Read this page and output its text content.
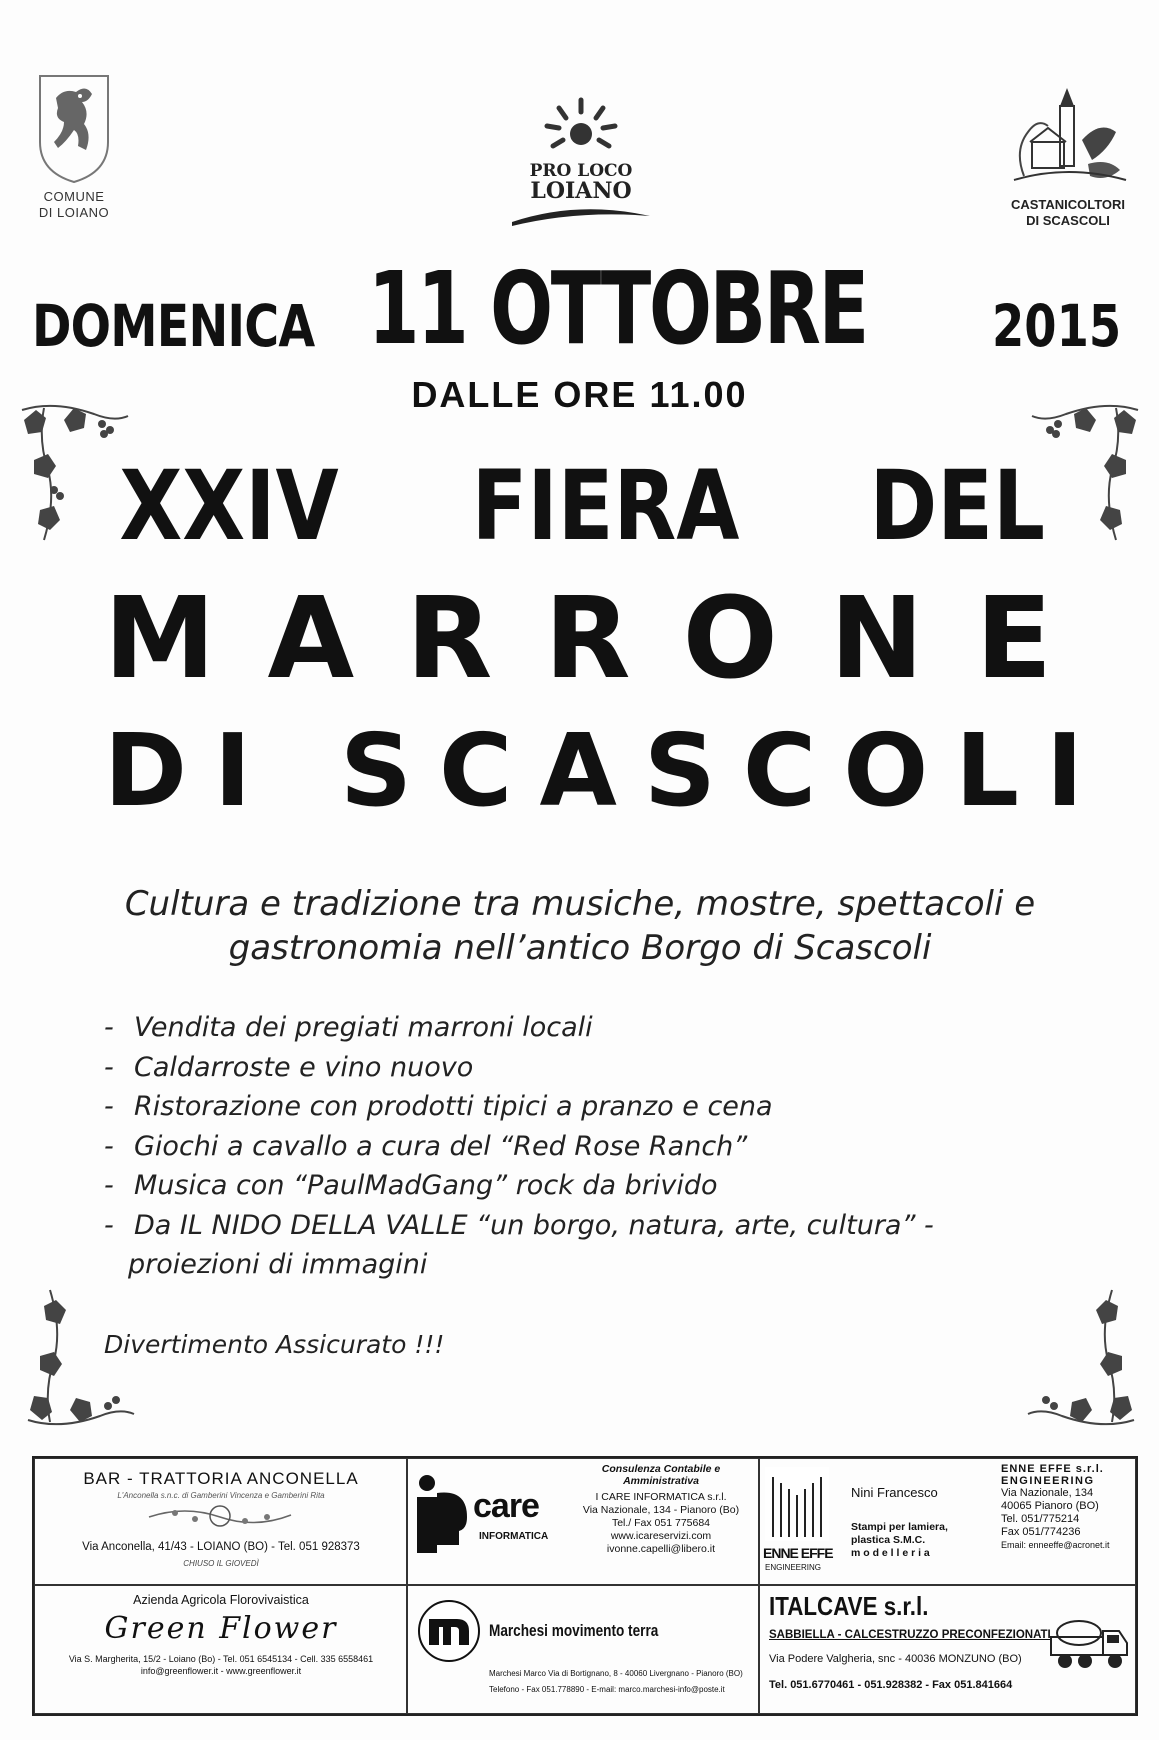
COMUNE
DI LOIANO
PRO LOCO
LOIANO
CASTANICOLTORI
DI SCASCOLI
DOMENICA 11 OTTOBRE 2015
DALLE ORE 11.00
XXIV FIERA DEL
MARRONE
DI SCASCOLI
Cultura e tradizione tra musiche, mostre, spettacoli e
gastronomia nell’antico Borgo di Scascoli
- Vendita dei pregiati marroni locali
- Caldarroste e vino nuovo
- Ristorazione con prodotti tipici a pranzo e cena
- Giochi a cavallo a cura del “Red Rose Ranch”
- Musica con “PaulMadGang” rock da brivido
- Da IL NIDO DELLA VALLE “un borgo, natura, arte, cultura” -
proiezioni di immagini
Divertimento Assicurato !!!
BAR - TRATTORIA ANCONELLA
L'Anconella s.n.c. di Gamberini Vincenza e Gamberini Rita
Via Anconella, 41/43 - LOIANO (BO) - Tel. 051 928373
CHIUSO IL GIOVEDÌ
care
INFORMATICA
Consulenza Contabile e
Amministrativa
I CARE INFORMATICA s.r.l.
Via Nazionale, 134 - Pianoro (Bo)
Tel./ Fax 051 775684
www.icareservizi.com
ivonne.capelli@libero.it	ENNE EFFE
ENGINEERING
Nini Francesco
Stampi per lamiera,
plastica S.M.C.
m o d e l l e r i a
ENNE EFFE s.r.l.
ENGINEERING
Via Nazionale, 134
40065 Pianoro (BO)
Tel. 051/775214
Fax 051/774236
Email: enneeffe@acronet.it
Azienda Agricola Florovivaistica
Green Flower
Via S. Margherita, 15/2 - Loiano (Bo) - Tel. 051 6545134 - Cell. 335 6558461
info@greenflower.it - www.greenflower.it
Marchesi movimento terra
Marchesi Marco Via di Bortignano, 8 - 40060 Livergnano - Pianoro (BO)
Telefono - Fax 051.778890 - E-mail: marco.marchesi-info@poste.it
ITALCAVE s.r.l.
SABBIELLA - CALCESTRUZZO PRECONFEZIONATI
Via Podere Valgheria, snc - 40036 MONZUNO (BO)
Tel. 051.6770461 - 051.928382 - Fax 051.841664
